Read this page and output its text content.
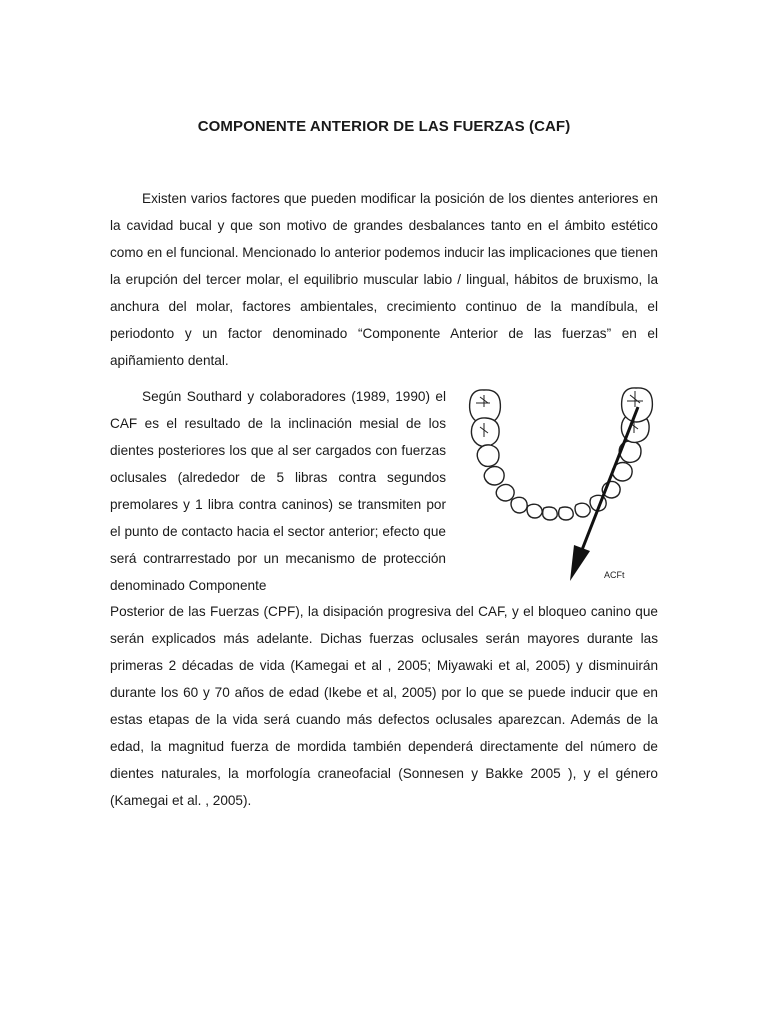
COMPONENTE ANTERIOR DE LAS FUERZAS (CAF)

Existen varios factores que pueden modificar la posición de los dientes anteriores en la cavidad bucal y que son motivo de grandes desbalances tanto en el ámbito estético como en el funcional. Mencionado lo anterior podemos inducir las implicaciones que tienen la erupción del tercer molar, el equilibrio muscular labio / lingual, hábitos de bruxismo, la anchura del molar, factores ambientales, crecimiento continuo de la mandíbula, el periodonto y un factor denominado “Componente Anterior de las fuerzas” en el apiñamiento dental.

Según Southard y colaboradores (1989, 1990) el CAF es el resultado de la inclinación mesial de los dientes posteriores los que al ser cargados con fuerzas oclusales (alrededor de 5 libras contra segundos premolares y 1 libra contra caninos) se transmiten por el punto de contacto hacia el sector anterior; efecto que será contrarrestado por un mecanismo de protección denominado Componente

ACFt

Posterior de las Fuerzas (CPF), la disipación progresiva del CAF, y el bloqueo canino que serán explicados más adelante. Dichas fuerzas oclusales serán mayores durante las primeras 2 décadas de vida (Kamegai et al , 2005; Miyawaki et al, 2005) y disminuirán durante los 60 y 70 años de edad (Ikebe et al, 2005) por lo que se puede inducir que en estas etapas de la vida será cuando más defectos oclusales aparezcan. Además de la edad, la magnitud fuerza de mordida también dependerá directamente del número de dientes naturales, la morfología craneofacial (Sonnesen y Bakke 2005 ), y el género (Kamegai et al. , 2005).
